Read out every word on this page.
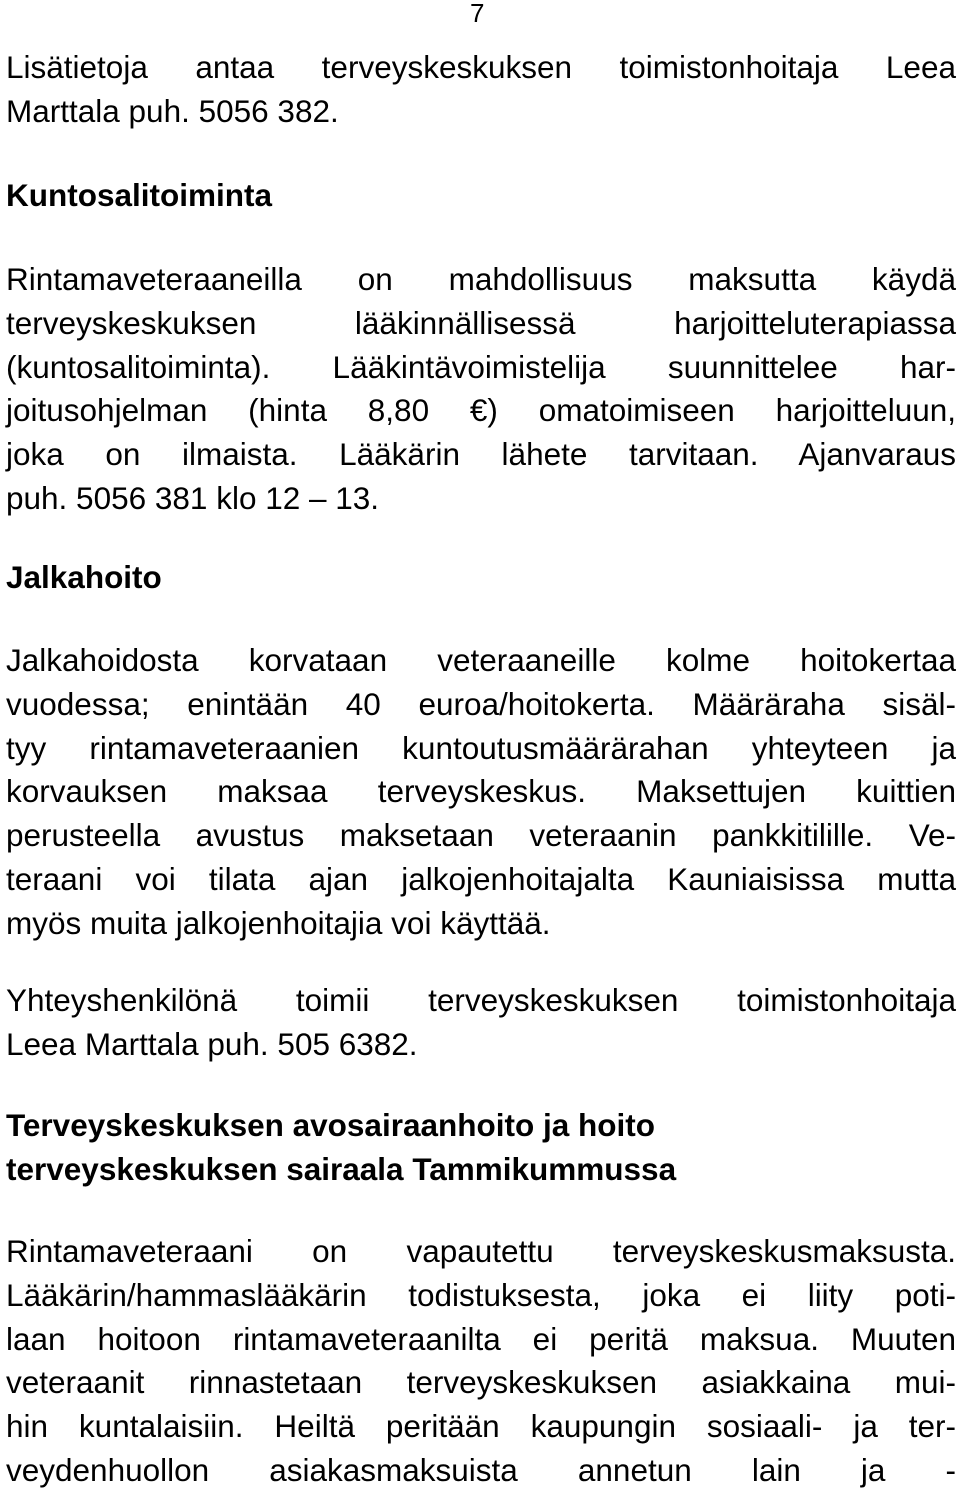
7
Lisätietoja antaa terveyskeskuksen toimistonhoitaja Leea
Marttala puh. 5056 382.
Kuntosalitoiminta
Rintamaveteraaneilla on mahdollisuus maksutta käydä
terveyskeskuksen lääkinnällisessä harjoitteluterapiassa
(kuntosalitoiminta). Lääkintävoimistelija suunnittelee har-
joitusohjelman (hinta 8,80 €) omatoimiseen harjoitteluun,
joka on ilmaista. Lääkärin lähete tarvitaan. Ajanvaraus
puh. 5056 381 klo 12 – 13.
Jalkahoito
Jalkahoidosta korvataan veteraaneille kolme hoitokertaa
vuodessa; enintään 40 euroa/hoitokerta. Määräraha sisäl-
tyy rintamaveteraanien kuntoutusmäärärahan yhteyteen ja
korvauksen maksaa terveyskeskus. Maksettujen kuittien
perusteella avustus maksetaan veteraanin pankkitilille. Ve-
teraani voi tilata ajan jalkojenhoitajalta Kauniaisissa mutta
myös muita jalkojenhoitajia voi käyttää.
Yhteyshenkilönä toimii terveyskeskuksen toimistonhoitaja
Leea Marttala puh. 505 6382.
Terveyskeskuksen avosairaanhoito ja hoito
terveyskeskuksen sairaala Tammikummussa
Rintamaveteraani on vapautettu terveyskeskusmaksusta.
Lääkärin/hammaslääkärin todistuksesta, joka ei liity poti-
laan hoitoon rintamaveteraanilta ei peritä maksua. Muuten
veteraanit rinnastetaan terveyskeskuksen asiakkaina mui-
hin kuntalaisiin. Heiltä peritään kaupungin sosiaali- ja ter-
veydenhuollon asiakasmaksuista annetun lain ja -
